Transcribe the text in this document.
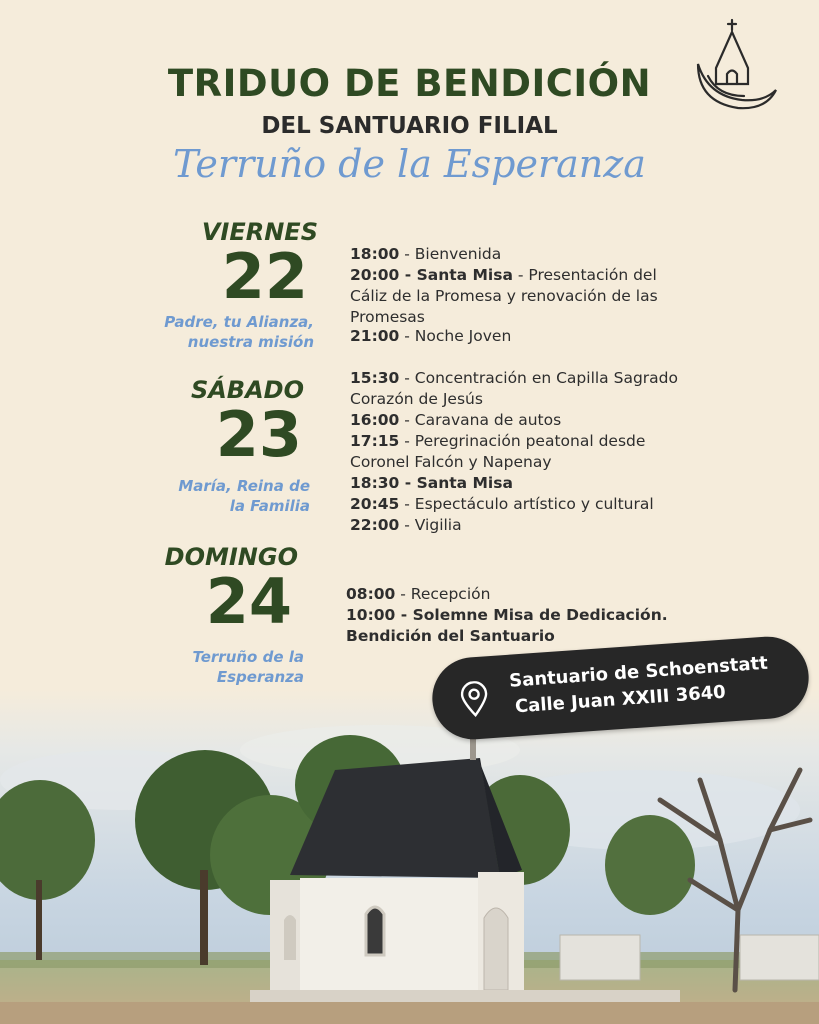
TRIDUO DE BENDICIÓN
DEL SANTUARIO FILIAL
Terruño de la Esperanza
VIERNES
22
Padre, tu Alianza,
nuestra misión
18:00 - Bienvenida
20:00 - Santa Misa - Presentación del Cáliz de la Promesa y renovación de las Promesas
21:00 - Noche Joven
SÁBADO
23
María, Reina de
la Familia
15:30 - Concentración en Capilla Sagrado Corazón de Jesús
16:00 - Caravana de autos
17:15 - Peregrinación peatonal desde Coronel Falcón y Napenay
18:30 - Santa Misa
20:45 - Espectáculo artístico y cultural
22:00 - Vigilia
DOMINGO
24
Terruño de la
Esperanza
08:00 - Recepción
10:00 - Solemne Misa de Dedicación. Bendición del Santuario
Santuario de Schoenstatt
Calle Juan XXIII 3640
